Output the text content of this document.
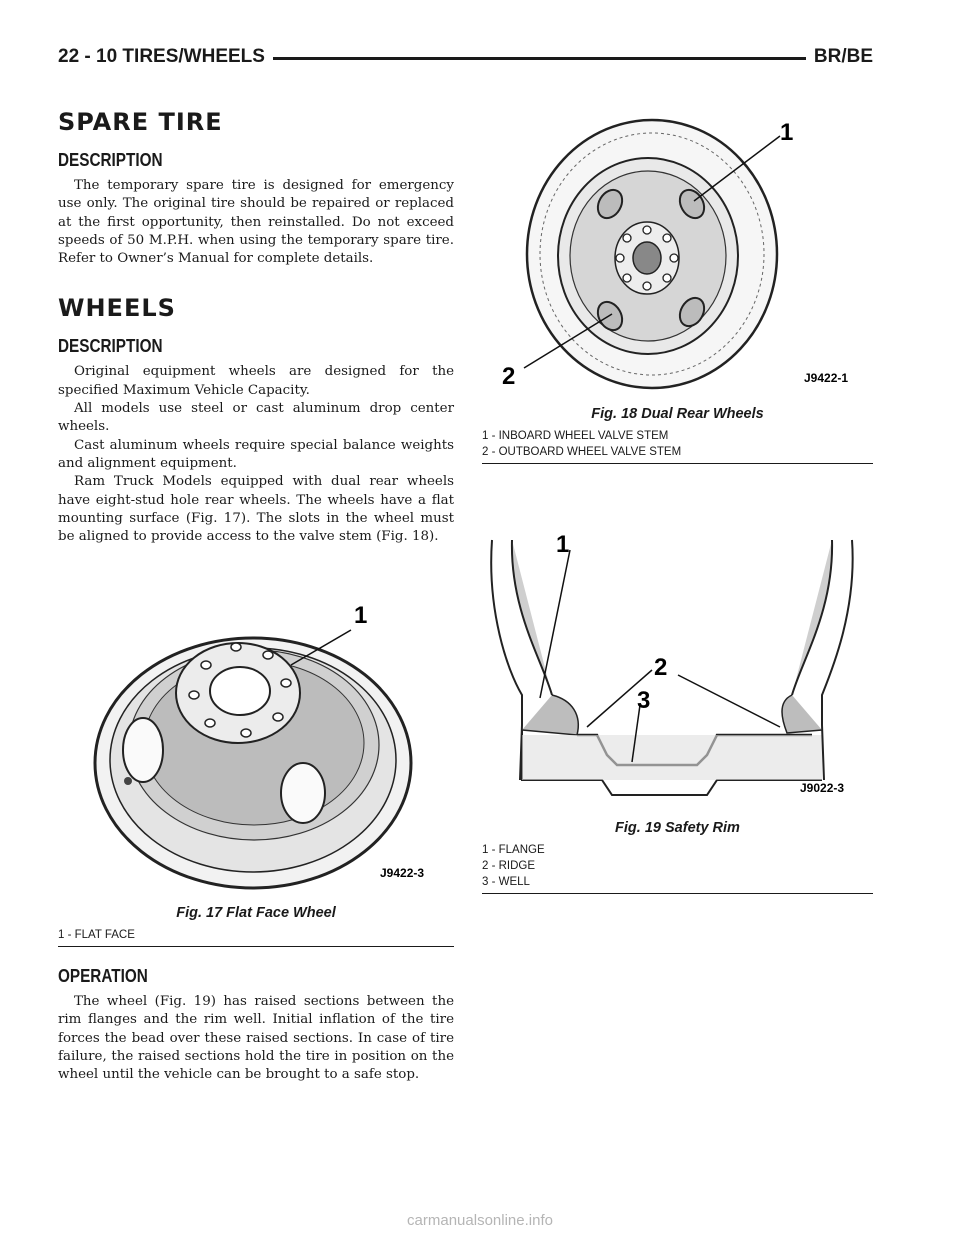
22 - 10 TIRES/WHEELS	BR/BE
SPARE TIRE
DESCRIPTION

The temporary spare tire is designed for emergency use only. The original tire should be repaired or replaced at the first opportunity, then reinstalled. Do not exceed speeds of 50 M.P.H. when using the temporary spare tire. Refer to Owner’s Manual for complete details.

WHEELS
DESCRIPTION

Original equipment wheels are designed for the specified Maximum Vehicle Capacity.

All models use steel or cast aluminum drop center wheels.

Cast aluminum wheels require special balance weights and alignment equipment.

Ram Truck Models equipped with dual rear wheels have eight-stud hole rear wheels. The wheels have a flat mounting surface (Fig. 17). The slots in the wheel must be aligned to provide access to the valve stem (Fig. 18).

1
J9422-3
Fig. 17 Flat Face Wheel
1 - FLAT FACE
OPERATION

The wheel (Fig. 19) has raised sections between the rim flanges and the rim well. Initial inflation of the tire forces the bead over these raised sections. In case of tire failure, the raised sections hold the tire in position on the wheel until the vehicle can be brought to a safe stop.

1
2	J9422-1
Fig. 18 Dual Rear Wheels
1 - INBOARD WHEEL VALVE STEM
2 - OUTBOARD WHEEL VALVE STEM
1
2
3
J9022-3
Fig. 19 Safety Rim
1 - FLANGE
2 - RIDGE
3 - WELL
carmanualsonline.info
